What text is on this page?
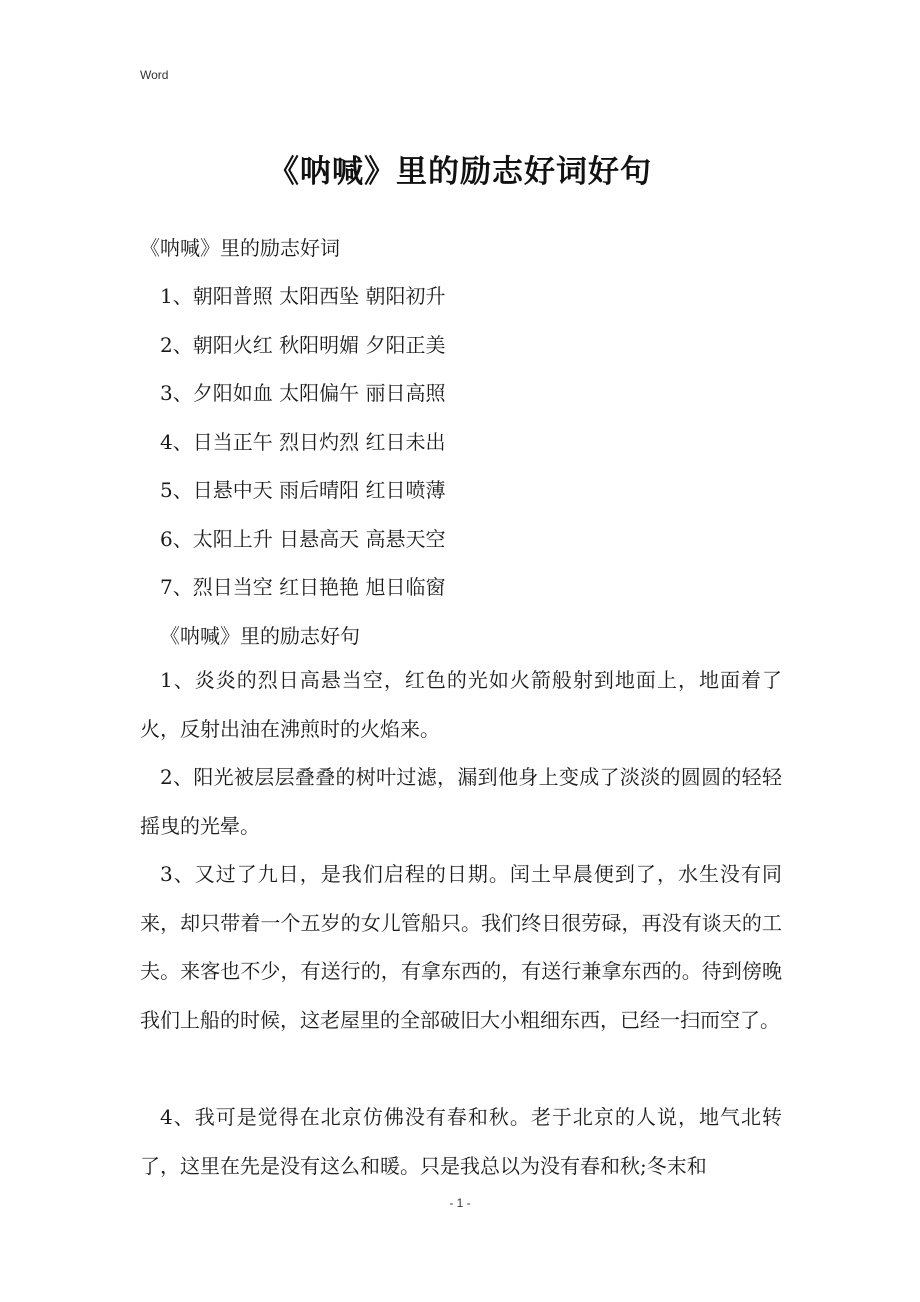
Word
《呐喊》里的励志好词好句
《呐喊》里的励志好词
1、朝阳普照 太阳西坠 朝阳初升
2、朝阳火红 秋阳明媚 夕阳正美
3、夕阳如血 太阳偏午 丽日高照
4、日当正午 烈日灼烈 红日未出
5、日悬中天 雨后晴阳 红日喷薄
6、太阳上升 日悬高天 高悬天空
7、烈日当空 红日艳艳 旭日临窗
《呐喊》里的励志好句
1、炎炎的烈日高悬当空，红色的光如火箭般射到地面上，地面着了火，反射出油在沸煎时的火焰来。
2、阳光被层层叠叠的树叶过滤，漏到他身上变成了淡淡的圆圆的轻轻摇曳的光晕。
3、又过了九日，是我们启程的日期。闰土早晨便到了，水生没有同来，却只带着一个五岁的女儿管船只。我们终日很劳碌，再没有谈天的工夫。来客也不少，有送行的，有拿东西的，有送行兼拿东西的。待到傍晚我们上船的时候，这老屋里的全部破旧大小粗细东西，已经一扫而空了。
4、我可是觉得在北京仿佛没有春和秋。老于北京的人说，地气北转了，这里在先是没有这么和暖。只是我总以为没有春和秋;冬末和
- 1 -
